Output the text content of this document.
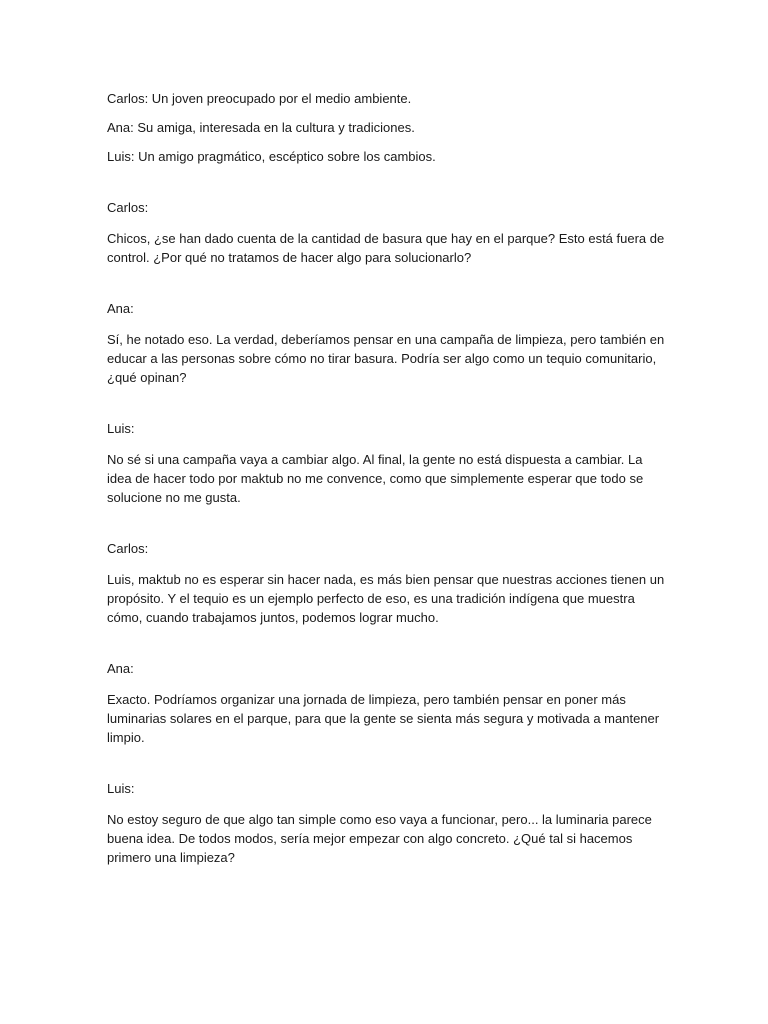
Carlos: Un joven preocupado por el medio ambiente.

Ana: Su amiga, interesada en la cultura y tradiciones.

Luis: Un amigo pragmático, escéptico sobre los cambios.

Carlos:

Chicos, ¿se han dado cuenta de la cantidad de basura que hay en el parque? Esto está fuera de control. ¿Por qué no tratamos de hacer algo para solucionarlo?

Ana:

Sí, he notado eso. La verdad, deberíamos pensar en una campaña de limpieza, pero también en educar a las personas sobre cómo no tirar basura. Podría ser algo como un tequio comunitario, ¿qué opinan?

Luis:

No sé si una campaña vaya a cambiar algo. Al final, la gente no está dispuesta a cambiar. La idea de hacer todo por maktub no me convence, como que simplemente esperar que todo se solucione no me gusta.

Carlos:

Luis, maktub no es esperar sin hacer nada, es más bien pensar que nuestras acciones tienen un propósito. Y el tequio es un ejemplo perfecto de eso, es una tradición indígena que muestra cómo, cuando trabajamos juntos, podemos lograr mucho.

Ana:

Exacto. Podríamos organizar una jornada de limpieza, pero también pensar en poner más luminarias solares en el parque, para que la gente se sienta más segura y motivada a mantener limpio.

Luis:

No estoy seguro de que algo tan simple como eso vaya a funcionar, pero... la luminaria parece buena idea. De todos modos, sería mejor empezar con algo concreto. ¿Qué tal si hacemos primero una limpieza?
